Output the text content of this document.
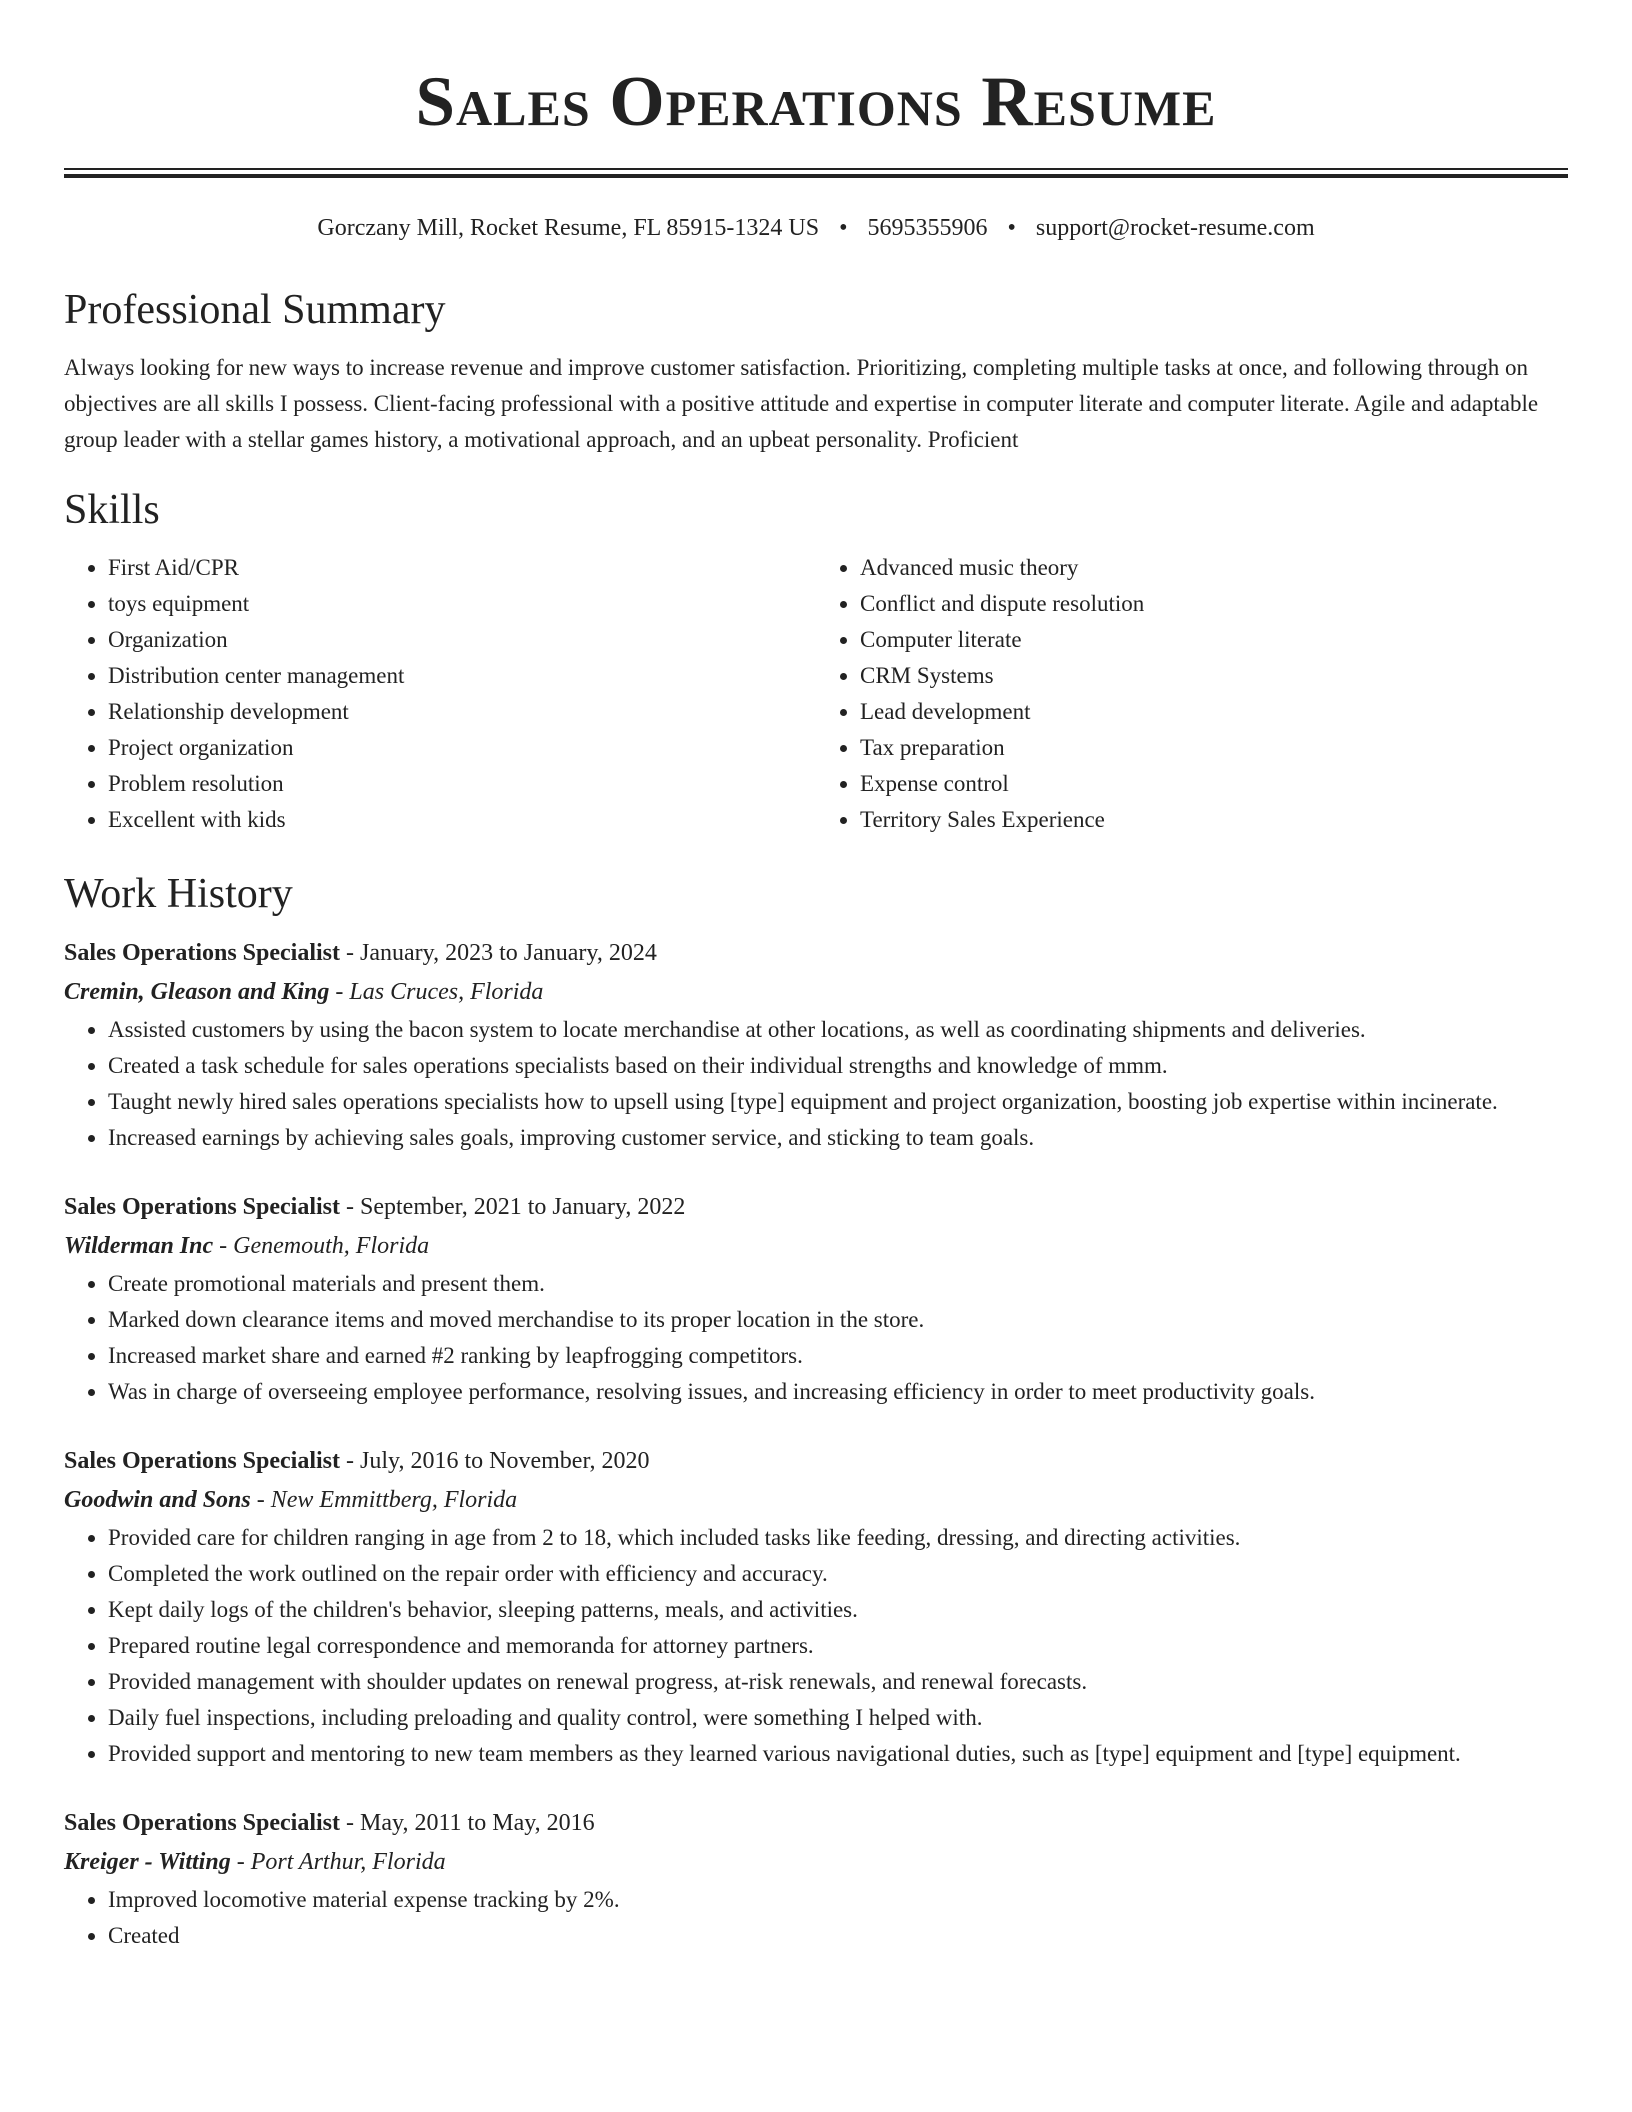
Sales Operations Resume
Gorczany Mill, Rocket Resume, FL 85915-1324 US • 5695355906 • support@rocket-resume.com
Professional Summary

Always looking for new ways to increase revenue and improve customer satisfaction. Prioritizing, completing multiple tasks at once, and following through on objectives are all skills I possess. Client-facing professional with a positive attitude and expertise in computer literate and computer literate. Agile and adaptable group leader with a stellar games history, a motivational approach, and an upbeat personality. Proficient

Skills
• First Aid/CPR
• toys equipment
• Organization
• Distribution center management
• Relationship development
• Project organization
• Problem resolution
• Excellent with kids
• Advanced music theory
• Conflict and dispute resolution
• Computer literate
• CRM Systems
• Lead development
• Tax preparation
• Expense control
• Territory Sales Experience
Work History
Sales Operations Specialist - January, 2023 to January, 2024
Cremin, Gleason and King - Las Cruces, Florida
• Assisted customers by using the bacon system to locate merchandise at other locations, as well as coordinating shipments and deliveries.
• Created a task schedule for sales operations specialists based on their individual strengths and knowledge of mmm.
• Taught newly hired sales operations specialists how to upsell using [type] equipment and project organization, boosting job expertise within incinerate.
• Increased earnings by achieving sales goals, improving customer service, and sticking to team goals.
Sales Operations Specialist - September, 2021 to January, 2022
Wilderman Inc - Genemouth, Florida
• Create promotional materials and present them.
• Marked down clearance items and moved merchandise to its proper location in the store.
• Increased market share and earned #2 ranking by leapfrogging competitors.
• Was in charge of overseeing employee performance, resolving issues, and increasing efficiency in order to meet productivity goals.
Sales Operations Specialist - July, 2016 to November, 2020
Goodwin and Sons - New Emmittberg, Florida
• Provided care for children ranging in age from 2 to 18, which included tasks like feeding, dressing, and directing activities.
• Completed the work outlined on the repair order with efficiency and accuracy.
• Kept daily logs of the children's behavior, sleeping patterns, meals, and activities.
• Prepared routine legal correspondence and memoranda for attorney partners.
• Provided management with shoulder updates on renewal progress, at-risk renewals, and renewal forecasts.
• Daily fuel inspections, including preloading and quality control, were something I helped with.
• Provided support and mentoring to new team members as they learned various navigational duties, such as [type] equipment and [type] equipment.
Sales Operations Specialist - May, 2011 to May, 2016
Kreiger - Witting - Port Arthur, Florida
• Improved locomotive material expense tracking by 2%.
• Created
